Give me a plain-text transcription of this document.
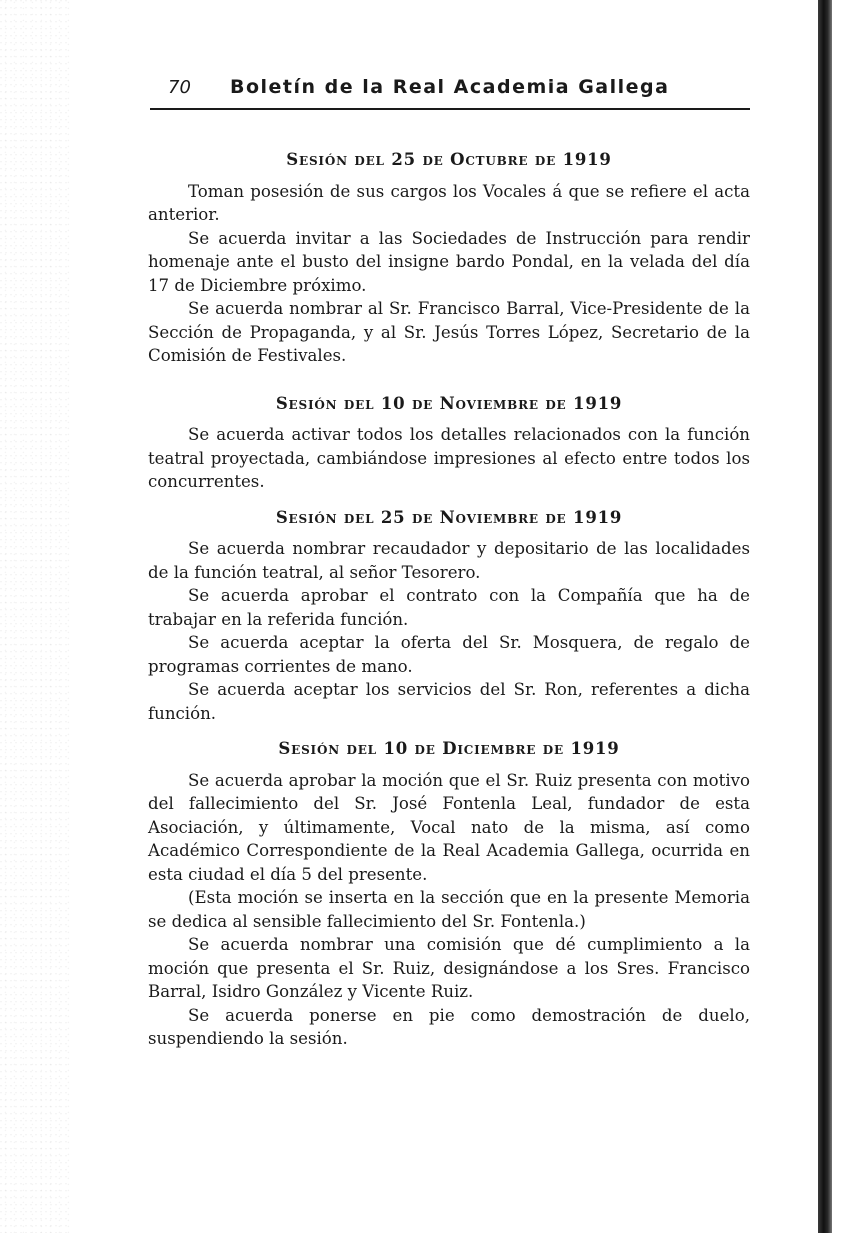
70	Boletín de la Real Academia Gallega
Sesión del 25 de Octubre de 1919

Toman posesión de sus cargos los Vocales á que se refiere el acta anterior.

Se acuerda invitar a las Sociedades de Instrucción para rendir homenaje ante el busto del insigne bardo Pondal, en la velada del día 17 de Diciembre próximo.

Se acuerda nombrar al Sr. Francisco Barral, Vice-Presidente de la Sección de Propaganda, y al Sr. Jesús Torres López, Secretario de la Comisión de Festivales.

Sesión del 10 de Noviembre de 1919

Se acuerda activar todos los detalles relacionados con la función teatral proyectada, cambiándose impresiones al efecto entre todos los concurrentes.

Sesión del 25 de Noviembre de 1919

Se acuerda nombrar recaudador y depositario de las localidades de la función teatral, al señor Tesorero.

Se acuerda aprobar el contrato con la Compañía que ha de trabajar en la referida función.

Se acuerda aceptar la oferta del Sr. Mosquera, de regalo de programas corrientes de mano.

Se acuerda aceptar los servicios del Sr. Ron, referentes a dicha función.

Sesión del 10 de Diciembre de 1919

Se acuerda aprobar la moción que el Sr. Ruiz presenta con motivo del fallecimiento del Sr. José Fontenla Leal, fundador de esta Asociación, y últimamente, Vocal nato de la misma, así como Académico Correspondiente de la Real Academia Gallega, ocurrida en esta ciudad el día 5 del presente.

(Esta moción se inserta en la sección que en la presente Memoria se dedica al sensible fallecimiento del Sr. Fontenla.)

Se acuerda nombrar una comisión que dé cumplimiento a la moción que presenta el Sr. Ruiz, designándose a los Sres. Francisco Barral, Isidro González y Vicente Ruiz.

Se acuerda ponerse en pie como demostración de duelo, suspendiendo la sesión.
